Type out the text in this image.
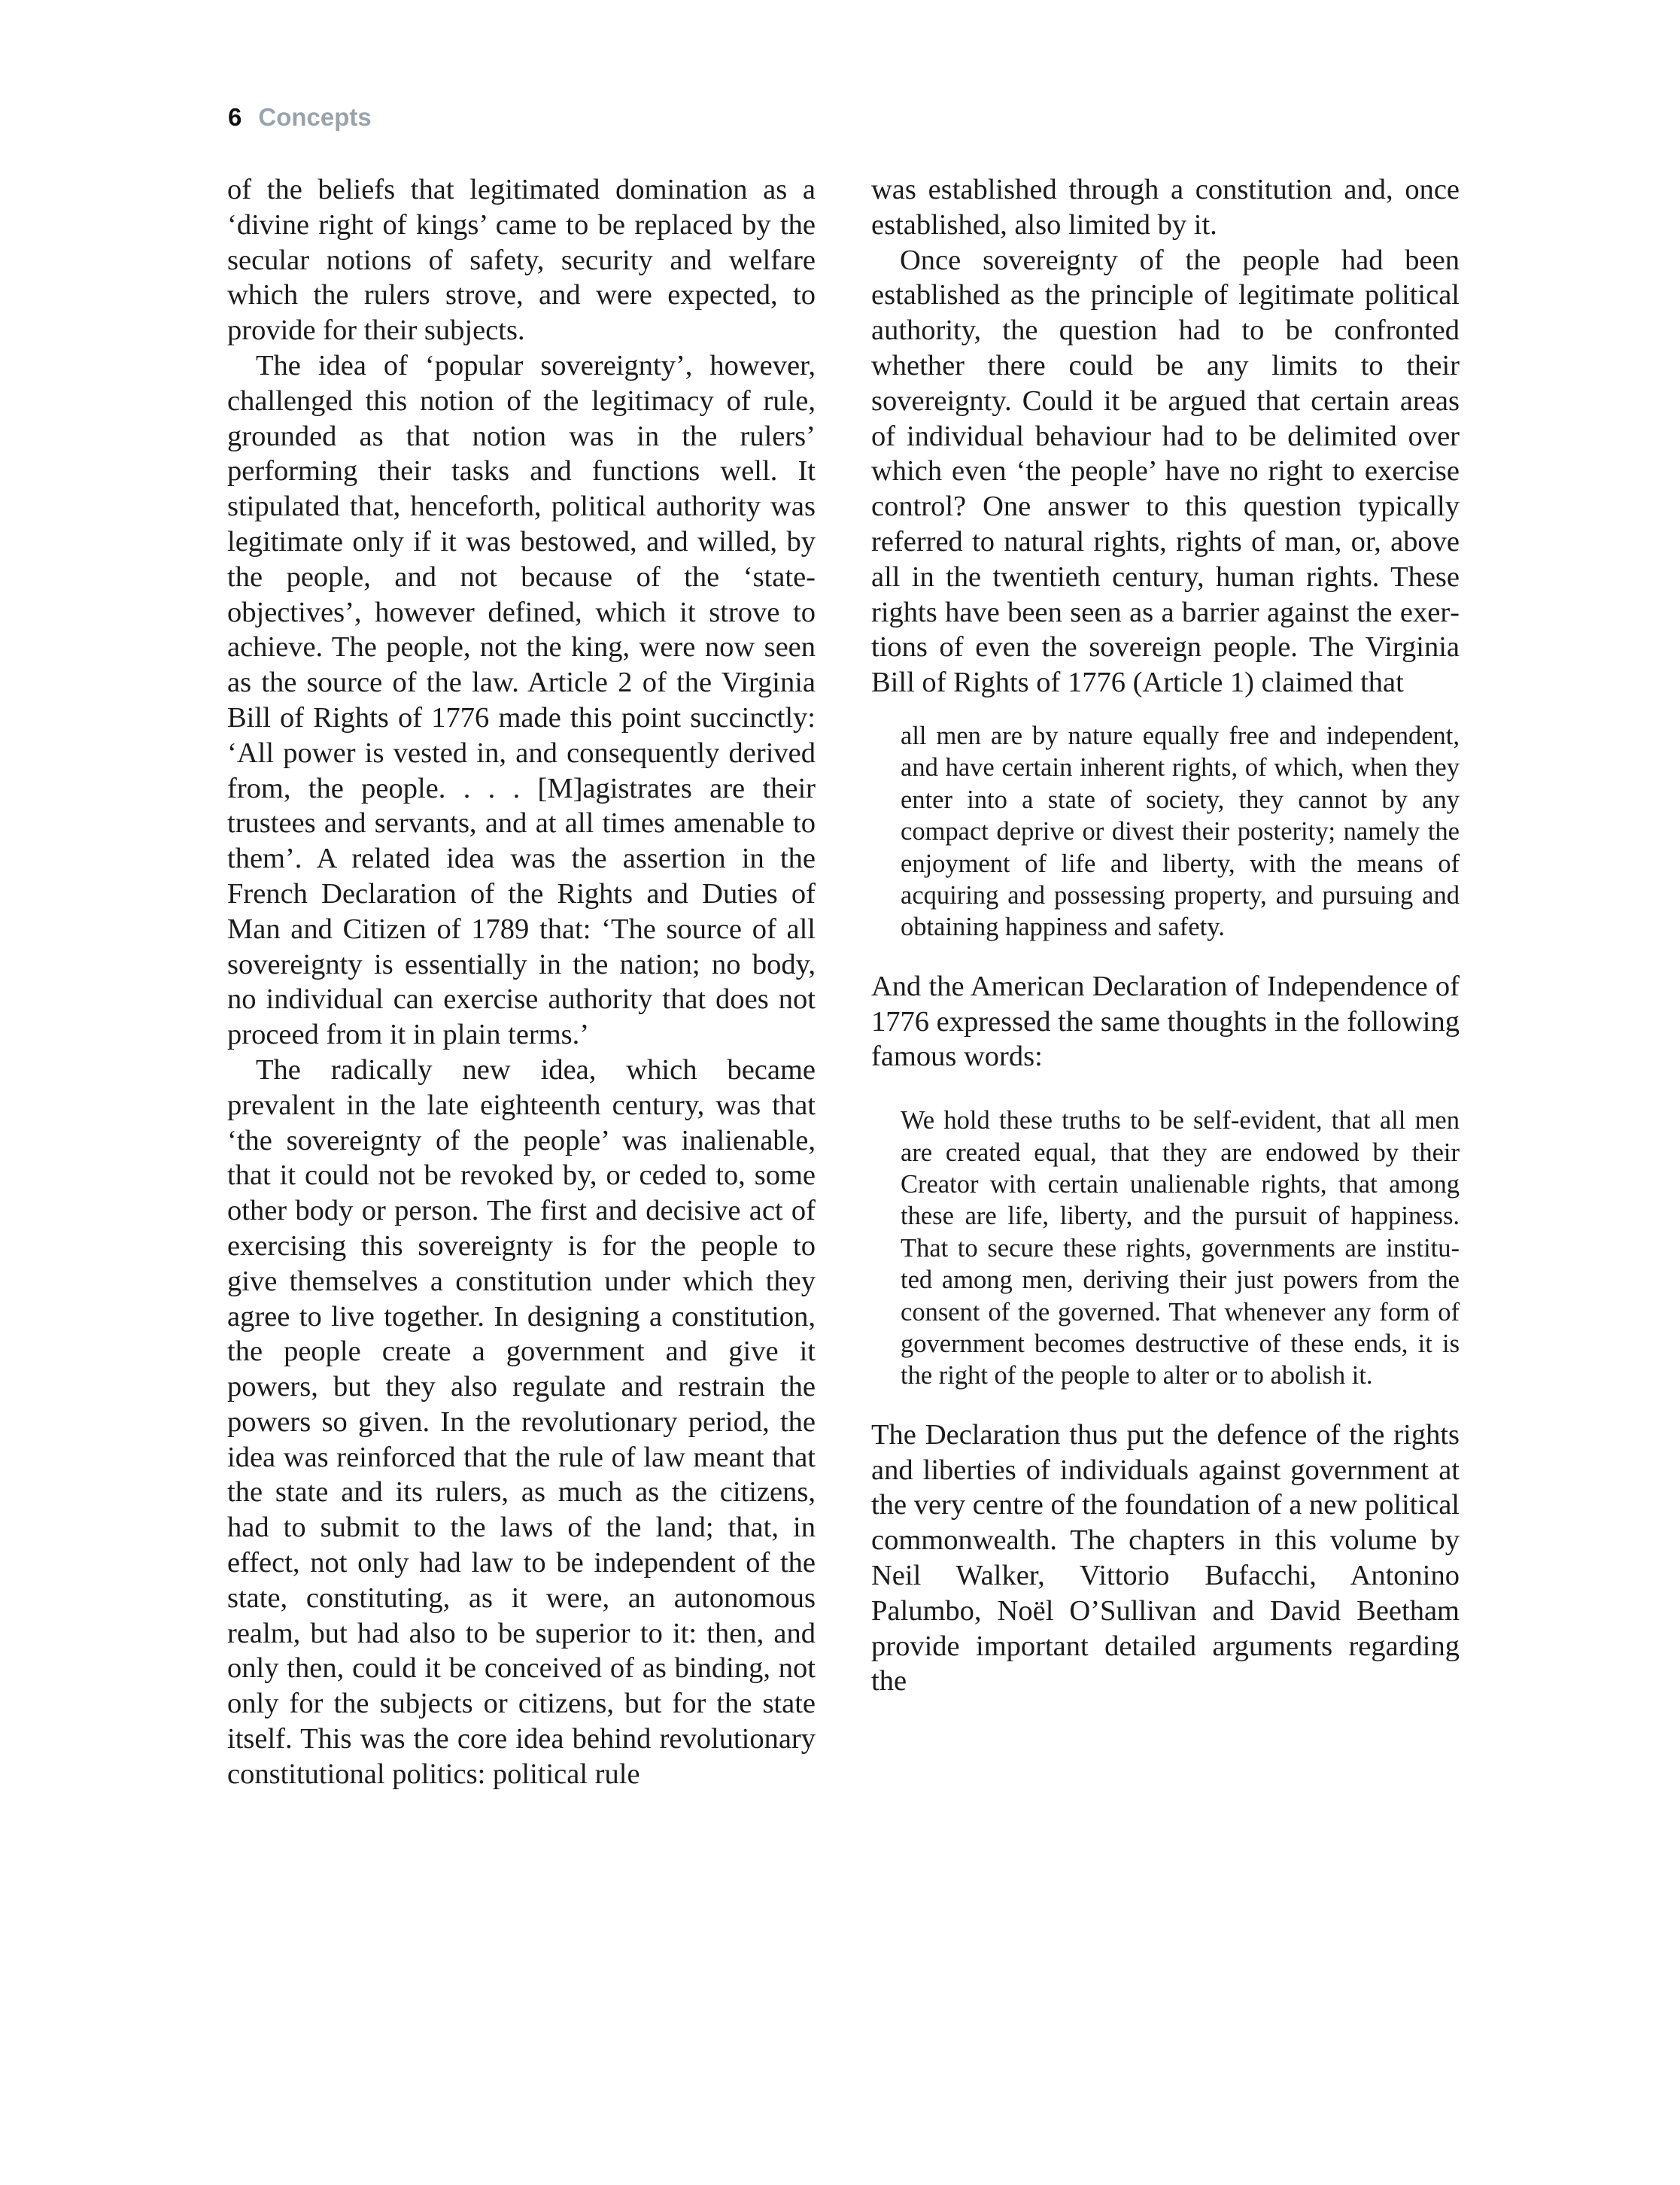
6 Concepts

of the beliefs that legitimated domination as a ‘divine right of kings’ came to be replaced by the secular notions of safety, security and welfare which the rulers strove, and were expected, to provide for their subjects.

The idea of ‘popular sovereignty’, however, challenged this notion of the legitimacy of rule, grounded as that notion was in the rulers’ performing their tasks and functions well. It stipulated that, henceforth, political authority was legitimate only if it was bestowed, and willed, by the people, and not because of the ‘state-objectives’, however defined, which it strove to achieve. The people, not the king, were now seen as the source of the law. Article 2 of the Virginia Bill of Rights of 1776 made this point succinctly: ‘All power is vested in, and consequently derived from, the people. . . . [M]agistrates are their trustees and servants, and at all times amenable to them’. A related idea was the assertion in the French Declaration of the Rights and Duties of Man and Citizen of 1789 that: ‘The source of all sovereignty is essentially in the nation; no body, no individual can exercise authority that does not proceed from it in plain terms.’

The radically new idea, which became prevalent in the late eighteenth century, was that ‘the sovereignty of the people’ was inalienable, that it could not be revoked by, or ceded to, some other body or person. The first and decisive act of exercising this sovereignty is for the people to give themselves a constitution under which they agree to live together. In designing a constitution, the people create a government and give it powers, but they also regulate and restrain the powers so given. In the revolutionary period, the idea was reinforced that the rule of law meant that the state and its rulers, as much as the citizens, had to submit to the laws of the land; that, in effect, not only had law to be independent of the state, constituting, as it were, an autonomous realm, but had also to be superior to it: then, and only then, could it be conceived of as binding, not only for the subjects or citizens, but for the state itself. This was the core idea behind revolutionary constitutional politics: political rule

was established through a constitution and, once established, also limited by it.

Once sovereignty of the people had been established as the principle of legitimate political authority, the question had to be confronted whether there could be any limits to their sovereignty. Could it be argued that certain areas of individual behaviour had to be delimited over which even ‘the people’ have no right to exercise control? One answer to this question typically referred to natural rights, rights of man, or, above all in the twentieth century, human rights. These rights have been seen as a barrier against the exertions of even the sovereign people. The Virginia Bill of Rights of 1776 (Article 1) claimed that

all men are by nature equally free and independent, and have certain inherent rights, of which, when they enter into a state of society, they cannot by any compact deprive or divest their posterity; namely the enjoyment of life and liberty, with the means of acquiring and possessing property, and pursuing and obtaining happiness and safety.

And the American Declaration of Independence of 1776 expressed the same thoughts in the following famous words:

We hold these truths to be self-evident, that all men are created equal, that they are endowed by their Creator with certain unalienable rights, that among these are life, liberty, and the pursuit of happiness. That to secure these rights, governments are instituted among men, deriving their just powers from the consent of the governed. That whenever any form of government becomes destructive of these ends, it is the right of the people to alter or to abolish it.

The Declaration thus put the defence of the rights and liberties of individuals against government at the very centre of the foundation of a new political commonwealth. The chapters in this volume by Neil Walker, Vittorio Bufacchi, Antonino Palumbo, Noël O’Sullivan and David Beetham provide important detailed arguments regarding the
